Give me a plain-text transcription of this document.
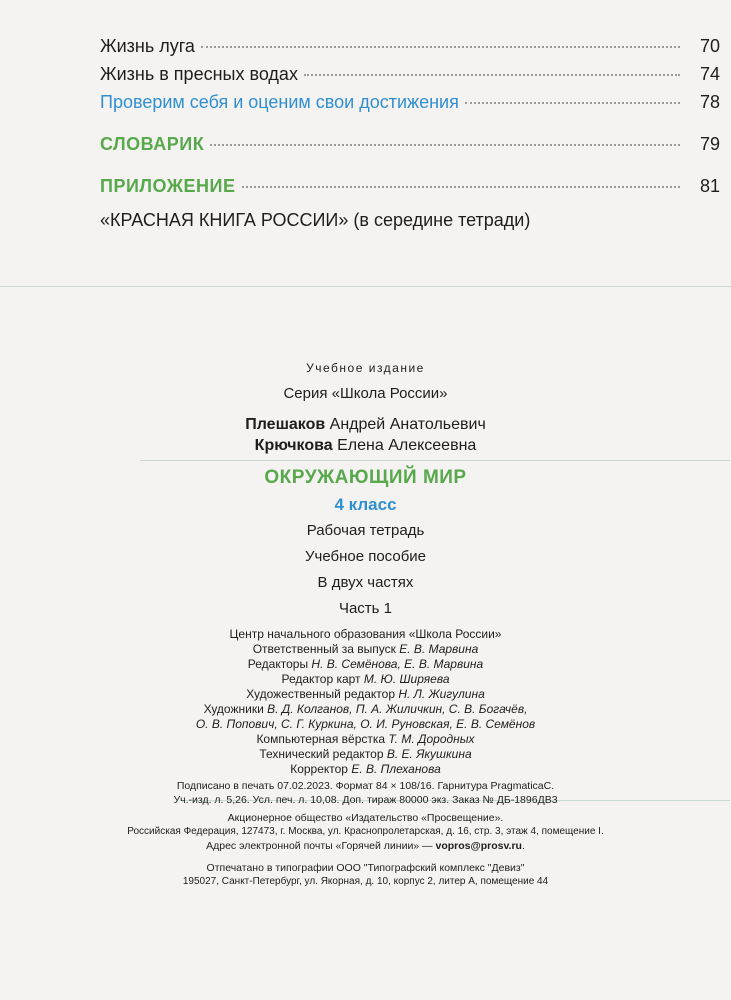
Жизнь луга	70
Жизнь в пресных водах	74
Проверим себя и оценим свои достижения	78
СЛОВАРИК	79
ПРИЛОЖЕНИЕ	81
«КРАСНАЯ КНИГА РОССИИ» (в середине тетради)
Учебное издание
Серия «Школа России»
Плешаков Андрей Анатольевич
Крючкова Елена Алексеевна
ОКРУЖАЮЩИЙ МИР
4 класс
Рабочая тетрадь
Учебное пособие
В двух частях
Часть 1
Центр начального образования «Школа России»
Ответственный за выпуск Е. В. Марвина
Редакторы Н. В. Семёнова, Е. В. Марвина
Редактор карт М. Ю. Ширяева
Художественный редактор Н. Л. Жигулина
Художники В. Д. Колганов, П. А. Жиличкин, С. В. Богачёв,
О. В. Попович, С. Г. Куркина, О. И. Руновская, Е. В. Семёнов
Компьютерная вёрстка Т. М. Дородных
Технический редактор В. Е. Якушкина
Корректор Е. В. Плеханова
Подписано в печать 07.02.2023. Формат 84 × 108/16. Гарнитура PragmaticaC.
Уч.-изд. л. 5,26. Усл. печ. л. 10,08. Доп. тираж 80000 экз. Заказ № ДБ-1896ДВ3
Акционерное общество «Издательство «Просвещение».
Российская Федерация, 127473, г. Москва, ул. Краснопролетарская, д. 16, стр. 3, этаж 4, помещение I.
Адрес электронной почты «Горячей линии» — vopros@prosv.ru.
Отпечатано в типографии ООО "Типографский комплекс "Девиз"
195027, Санкт-Петербург, ул. Якорная, д. 10, корпус 2, литер А, помещение 44
